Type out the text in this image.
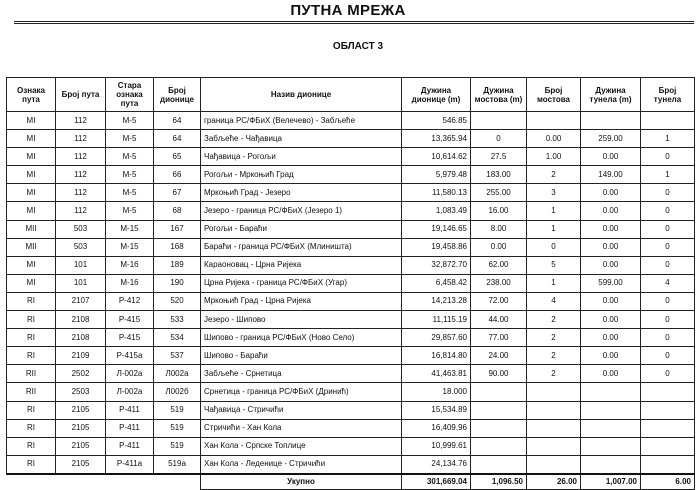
ПУТНА МРЕЖА
ОБЛАСТ 3
Ознака пута	Број пута	Стара ознака пута	Број дионице	Назив дионице	Дужина дионице (m)	Дужина мостова (m)	Број мостова	Дужина тунела (m)	Број тунела
MI	112	M-5	64	граница РС/ФБиХ (Велечево) - Забљеће	546.85				
MI	112	M-5	64	Забљеће - Чађавица	13,365.94	0	0.00	259.00	1
MI	112	M-5	65	Чађавица - Рогољи	10,614.62	27.5	1.00	0.00	0
MI	112	M-5	66	Рогољи - Мркоњић Град	5,979.48	183.00	2	149.00	1
MI	112	M-5	67	Мркоњић Град - Језеро	11,580.13	255.00	3	0.00	0
MI	112	M-5	68	Језеро - граница РС/ФБиХ (Језеро 1)	1,083.49	16.00	1	0.00	0
MII	503	M-15	167	Рогољи - Бараћи	19,146.65	8.00	1	0.00	0
MII	503	M-15	168	Бараћи - граница РС/ФБиХ (Млиништа)	19,458.86	0.00	0	0.00	0
MI	101	M-16	189	Караоновац - Црна Ријека	32,872.70	62.00	5	0.00	0
MI	101	M-16	190	Црна Ријека - граница РС/ФБиХ (Угар)	6,458.42	238.00	1	599.00	4
RI	2107	Р-412	520	Мркоњић Град - Црна Ријека	14,213.28	72.00	4	0.00	0
RI	2108	Р-415	533	Језеро - Шипово	11,115.19	44.00	2	0.00	0
RI	2108	Р-415	534	Шипово - граница РС/ФБиХ (Ново Село)	29,857.60	77.00	2	0.00	0
RI	2109	Р-415а	537	Шипово - Бараћи	16,814.80	24.00	2	0.00	0
RII	2502	Л-002а	Л002а	Забљеће - Срнетица	41,463.81	90.00	2	0.00	0
RII	2503	Л-002а	Л002б	Срнетица - граница РС/ФБиХ (Дринић)	18.000				
RI	2105	Р-411	519	Чађавица - Стричићи	15,534.89				
RI	2105	Р-411	519	Стричићи - Хан Кола	16,409.96				
RI	2105	Р-411	519	Хан Кола - Српске Топлице	10,999.61				
RI	2105	Р-411а	519а	Хан Кола - Леденице - Стричићи	24,134.76				
				Укупно	301,669.04	1,096.50	26.00	1,007.00	6.00
